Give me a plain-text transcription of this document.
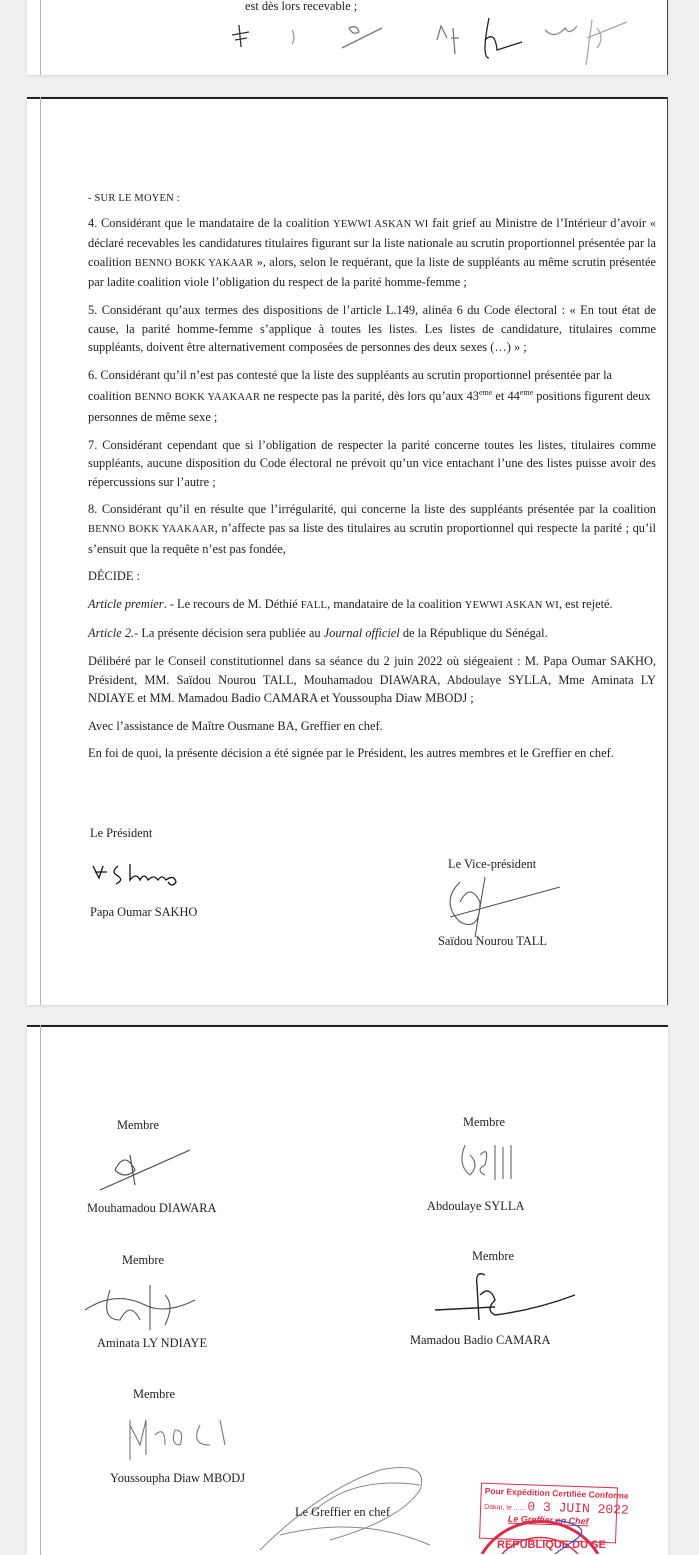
est dès lors recevable ;

- SUR LE MOYEN :

4. Considérant que le mandataire de la coalition YEWWI ASKAN WI fait grief au Ministre de l’Intérieur d’avoir « déclaré recevables les candidatures titulaires figurant sur la liste nationale au scrutin proportionnel présentée par la coalition BENNO BOKK YAKAAR », alors, selon le requérant, que la liste de suppléants au même scrutin présentée par ladite coalition viole l’obligation du respect de la parité homme-femme ;

5. Considérant qu’aux termes des dispositions de l’article L.149, alinéa 6 du Code électoral : « En tout état de cause, la parité homme-femme s’applique à toutes les listes. Les listes de candidature, titulaires comme suppléants, doivent être alternativement composées de personnes des deux sexes (…) » ;

6. Considérant qu’il n’est pas contesté que la liste des suppléants au scrutin proportionnel présentée par la coalition BENNO BOKK YAAKAAR ne respecte pas la parité, dès lors qu’aux 43eme et 44eme positions figurent deux personnes de même sexe ;

7. Considérant cependant que si l’obligation de respecter la parité concerne toutes les listes, titulaires comme suppléants, aucune disposition du Code électoral ne prévoit qu’un vice entachant l’une des listes puisse avoir des répercussions sur l’autre ;

8. Considérant qu’il en résulte que l’irrégularité, qui concerne la liste des suppléants présentée par la coalition BENNO BOKK YAAKAAR, n’affecte pas sa liste des titulaires au scrutin proportionnel qui respecte la parité ; qu’il s’ensuit que la requête n’est pas fondée,

DÉCIDE :

Article premier. - Le recours de M. Déthié FALL, mandataire de la coalition YEWWI ASKAN WI, est rejeté.

Article 2.- La présente décision sera publiée au Journal officiel de la République du Sénégal.

Délibéré par le Conseil constitutionnel dans sa séance du 2 juin 2022 où siégeaient : M. Papa Oumar SAKHO, Président, MM. Saïdou Nourou TALL, Mouhamadou DIAWARA, Abdoulaye SYLLA, Mme Aminata LY NDIAYE et MM. Mamadou Badio CAMARA et Youssoupha Diaw MBODJ ;

Avec l’assistance de Maître Ousmane BA, Greffier en chef.

En foi de quoi, la présente décision a été signée par le Président, les autres membres et le Greffier en chef.

Le Président
Papa Oumar SAKHO
Le Vice-président
Saïdou Nourou TALL
Membre
Mouhamadou DIAWARA
Membre
Abdoulaye SYLLA
Membre
Aminata LY NDIAYE
Membre
Mamadou Badio CAMARA
Membre
Youssoupha Diaw MBODJ
Le Greffier en chef
Pour Expédition Certifiée Conforme
Dakar, le ...... 0 3 JUIN 2022
Le Greffier en Chef
REPUBLIQUE DU SE
